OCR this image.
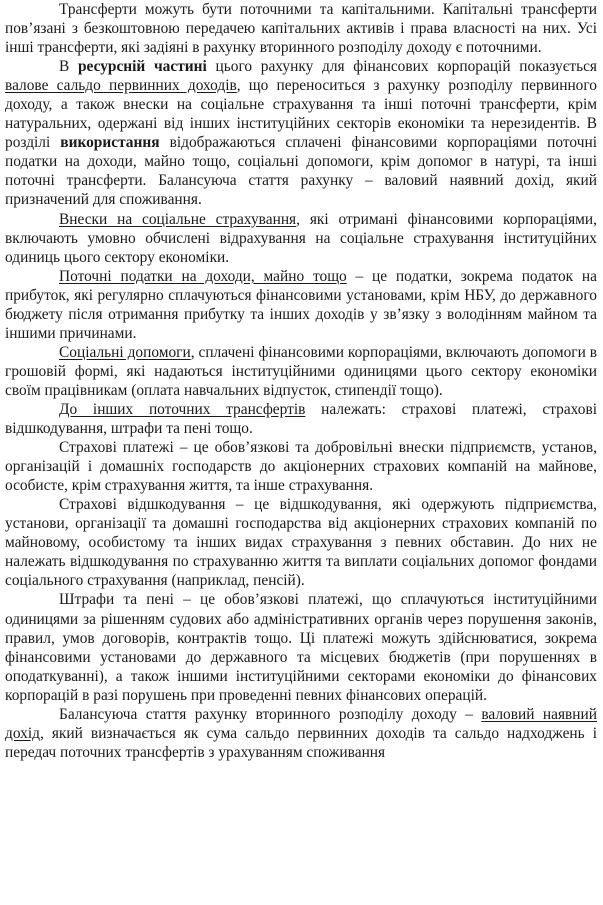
Трансферти можуть бути поточними та капітальними. Капітальні трансферти пов’язані з безкоштовною передачею капітальних активів і права власності на них. Усі інші трансферти, які задіяні в рахунку вторинного розподілу доходу є поточними.

В ресурсній частині цього рахунку для фінансових корпорацій показується валове сальдо первинних доходів, що переноситься з рахунку розподілу первинного доходу, а також внески на соціальне страхування та інші поточні трансферти, крім натуральних, одержані від інших інституційних секторів економіки та нерезидентів. В розділі використання відображаються сплачені фінансовими корпораціями поточні податки на доходи, майно тощо, соціальні допомоги, крім допомог в натурі, та інші поточні трансферти. Балансуюча стаття рахунку – валовий наявний дохід, який призначений для споживання.

Внески на соціальне страхування, які отримані фінансовими корпораціями, включають умовно обчислені відрахування на соціальне страхування інституційних одиниць цього сектору економіки.

Поточні податки на доходи, майно тощо – це податки, зокрема податок на прибуток, які регулярно сплачуються фінансовими установами, крім НБУ, до державного бюджету після отримання прибутку та інших доходів у зв’язку з володінням майном та іншими причинами.

Соціальні допомоги, сплачені фінансовими корпораціями, включають допомоги в грошовій формі, які надаються інституційними одиницями цього сектору економіки своїм працівникам (оплата навчальних відпусток, стипендії тощо).

До інших поточних трансфертів належать: страхові платежі, страхові відшкодування, штрафи та пені тощо.

Страхові платежі – це обов’язкові та добровільні внески підприємств, установ, організацій і домашніх господарств до акціонерних страхових компаній на майнове, особисте, крім страхування життя, та інше страхування.

Страхові відшкодування – це відшкодування, які одержують підприємства, установи, організації та домашні господарства від акціонерних страхових компаній по майновому, особистому та інших видах страхування з певних обставин. До них не належать відшкодування по страхуванню життя та виплати соціальних допомог фондами соціального страхування (наприклад, пенсій).

Штрафи та пені – це обов’язкові платежі, що сплачуються інституційними одиницями за рішенням судових або адміністративних органів через порушення законів, правил, умов договорів, контрактів тощо. Ці платежі можуть здійснюватися, зокрема фінансовими установами до державного та місцевих бюджетів (при порушеннях в оподаткуванні), а також іншими інституційними секторами економіки до фінансових корпорацій в разі порушень при проведенні певних фінансових операцій.

Балансуюча стаття рахунку вторинного розподілу доходу – валовий наявний дохід, який визначається як сума сальдо первинних доходів та сальдо надходжень і передач поточних трансфертів з урахуванням споживання
